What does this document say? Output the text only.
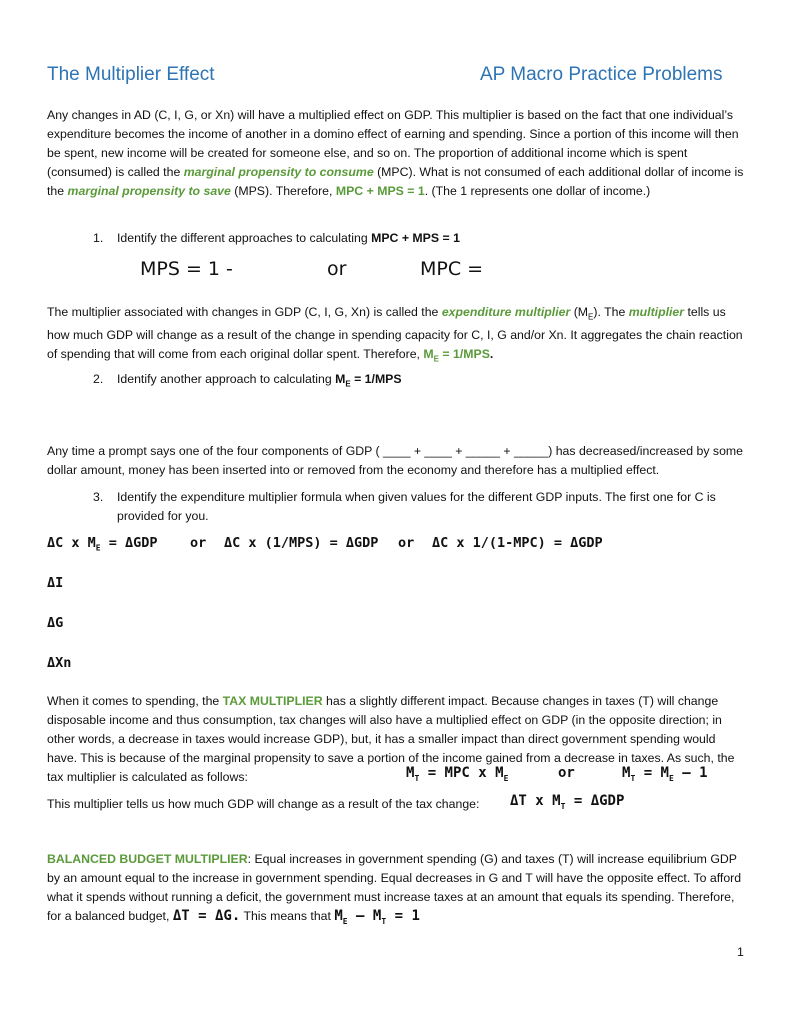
The Multiplier Effect	AP Macro Practice Problems
Any changes in AD (C, I, G, or Xn) will have a multiplied effect on GDP. This multiplier is based on the fact that one individual’s expenditure becomes the income of another in a domino effect of earning and spending. Since a portion of this income will then be spent, new income will be created for someone else, and so on. The proportion of additional income which is spent (consumed) is called the marginal propensity to consume (MPC). What is not consumed of each additional dollar of income is the marginal propensity to save (MPS). Therefore, MPC + MPS = 1. (The 1 represents one dollar of income.)
1. Identify the different approaches to calculating MPC + MPS = 1
MPS = 1 -	or	MPC =
The multiplier associated with changes in GDP (C, I, G, Xn) is called the expenditure multiplier $(M_E)$. The multiplier tells us how much GDP will change as a result of the change in spending capacity for C, I, G and/or Xn. It aggregates the chain reaction of spending that will come from each original dollar spent. Therefore, $M_E = 1/MPS$.
2. Identify another approach to calculating $M_E = 1/MPS$
Any time a prompt says one of the four components of GDP ( ____ + ____ + _____ + _____) has decreased/increased by some dollar amount, money has been inserted into or removed from the economy and therefore has a multiplied effect.
3.	Identify the expenditure multiplier formula when given values for the different GDP inputs. The first one for C is provided for you.
ΔC x $M_E = \Delta GDP$ or ΔC x (1/MPS) = ΔGDP or ΔC x 1/(1-MPC) = ΔGDP
ΔI
ΔG
ΔXn
When it comes to spending, the TAX MULTIPLIER has a slightly different impact. Because changes in taxes (T) will change disposable income and thus consumption, tax changes will also have a multiplied effect on GDP (in the opposite direction; in other words, a decrease in taxes would increase GDP), but, it has a smaller impact than direct government spending would have. This is because of the marginal propensity to save a portion of the income gained from a decrease in taxes. As such, the tax multiplier is calculated as follows:	$M_T$ = MPC x $M_E$	or	$M_T = M_E - 1$
This multiplier tells us how much GDP will change as a result of the tax change: ΔT x $M_T = \Delta GDP$
BALANCED BUDGET MULTIPLIER: Equal increases in government spending (G) and taxes (T) will increase equilibrium GDP by an amount equal to the increase in government spending. Equal decreases in G and T will have the opposite effect. To afford what it spends without running a deficit, the government must increase taxes at an amount that equals its spending. Therefore, for a balanced budget, ΔT = ΔG. This means that $M_E - M_T = 1$
1
